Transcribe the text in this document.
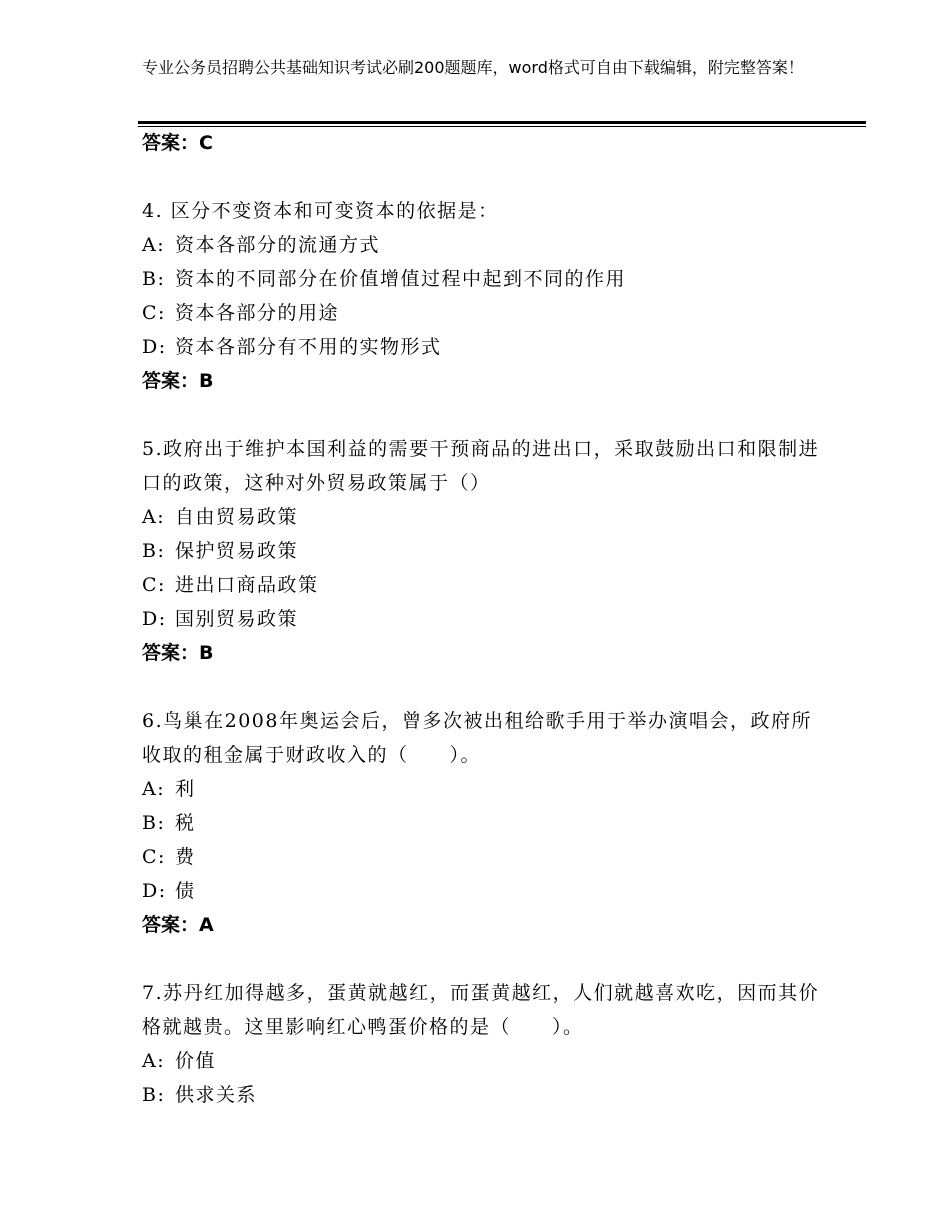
专业公务员招聘公共基础知识考试必刷200题题库，word格式可自由下载编辑，附完整答案！
答案：C
4. 区分不变资本和可变资本的依据是：
A: 资本各部分的流通方式
B: 资本的不同部分在价值增值过程中起到不同的作用
C: 资本各部分的用途
D: 资本各部分有不用的实物形式
答案：B
5.政府出于维护本国利益的需要干预商品的进出口，采取鼓励出口和限制进口的政策，这种对外贸易政策属于（）
A: 自由贸易政策
B: 保护贸易政策
C: 进出口商品政策
D: 国别贸易政策
答案：B
6.鸟巢在2008年奥运会后，曾多次被出租给歌手用于举办演唱会，政府所收取的租金属于财政收入的（　　）。
A: 利
B: 税
C: 费
D: 债
答案：A
7.苏丹红加得越多，蛋黄就越红，而蛋黄越红，人们就越喜欢吃，因而其价格就越贵。这里影响红心鸭蛋价格的是（　　）。
A: 价值
B: 供求关系
